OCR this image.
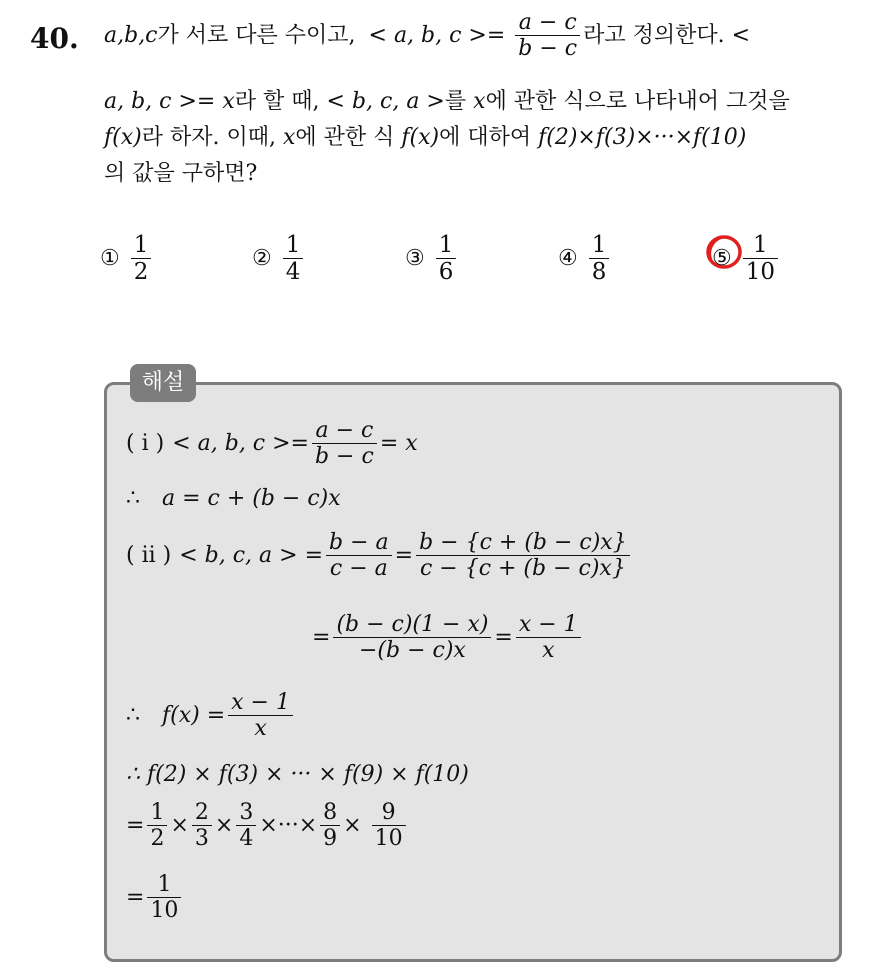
40. a,b,c가 서로 다른 수이고, < a, b, $c >= \frac{a - c}{b - c}$ 라고 정의한다. <
a, b, c >= x라 할 때, < b, c, a >를 x에 관한 식으로 나타내어 그것을
f(x)라 하자. 이때, x에 관한 식 f(x)에 대하여 f(2)×f(3)×···×f(10)
의 값을 구하면?
① $\frac{1}{2}$	② $\frac{1}{4}$	③ $\frac{1}{6}$	④ $\frac{1}{8}$	⑤ $\frac{1}{10}$
해설
( i ) < a, b, $c >= \frac{a - c}{b - c} = x$
∴ a = c + (b − c)x
( ii ) < b, c, a > = $\frac{b - a}{c - a} = \frac{b - \{c + (b - c)x\}}{c - \{c + (b - c)x\}}$
= $\frac{(b - c)(1 - x)}{-(b - c)x} = \frac{x - 1}{x}$
∴ $f(x) = \frac{x - 1}{x}$
∴ f(2) × f(3) × ··· × f(9) × f(10)
= $\frac{1}{2} \times \frac{2}{3} \times \frac{3}{4}$ ×···× $\frac{8}{9} \times \frac{9}{10}$
= $\frac{1}{10}$
